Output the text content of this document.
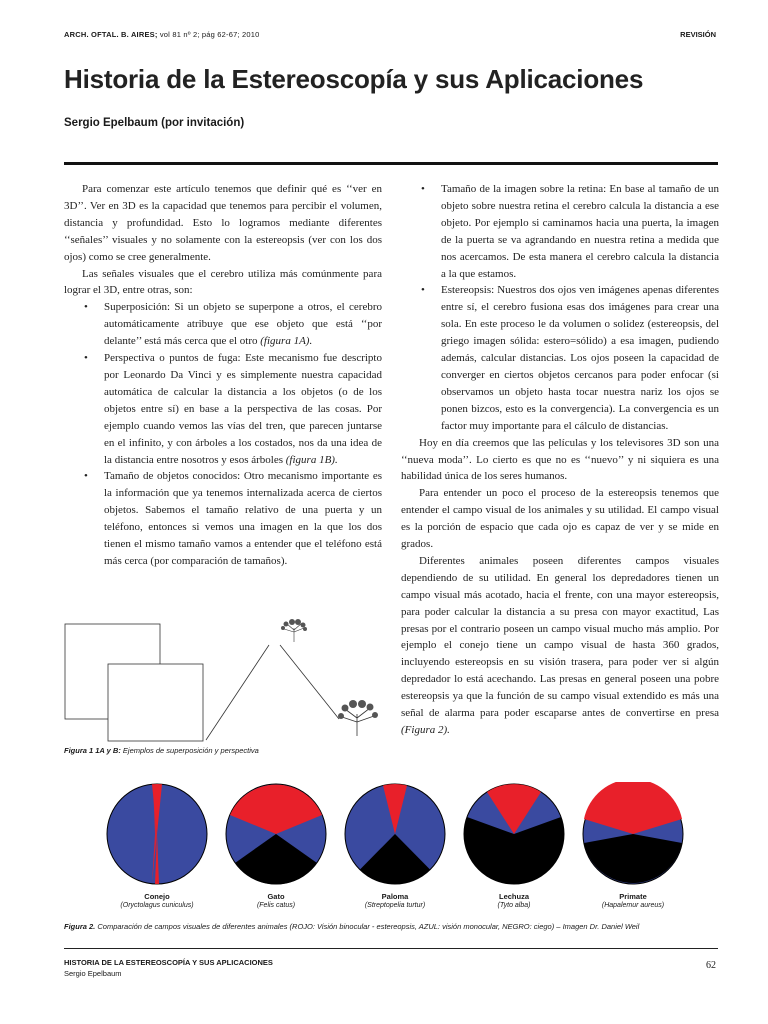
ARCH. OFTAL. B. AIRES; vol 81 nº 2; pág 62-67; 2010	REVISIÓN
Historia de la Estereoscopía y sus Aplicaciones
Sergio Epelbaum (por invitación)

Para comenzar este artículo tenemos que definir qué es ‘‘ver en 3D’’. Ver en 3D es la capacidad que tenemos para percibir el volumen, distancia y profundidad. Esto lo logramos mediante diferentes ‘‘señales’’ visuales y no solamente con la estereopsis (ver con los dos ojos) como se cree generalmente.

Las señales visuales que el cerebro utiliza más comúnmente para lograr el 3D, entre otras, son:

• Superposición: Si un objeto se superpone a otros, el cerebro automáticamente atribuye que ese objeto que está ‘‘por delante’’ está más cerca que el otro (figura 1A).
• Perspectiva o puntos de fuga: Este mecanismo fue descripto por Leonardo Da Vinci y es simplemente nuestra capacidad automática de calcular la distancia a los objetos (o de los objetos entre sí) en base a la perspectiva de las cosas. Por ejemplo cuando vemos las vías del tren, que parecen juntarse en el infinito, y con árboles a los costados, nos da una idea de la distancia entre nosotros y esos árboles (figura 1B).
• Tamaño de objetos conocidos: Otro mecanismo importante es la información que ya tenemos internalizada acerca de ciertos objetos. Sabemos el tamaño relativo de una puerta y un teléfono, entonces si vemos una imagen en la que los dos tienen el mismo tamaño vamos a entender que el teléfono está más cerca (por comparación de tamaños).
• Tamaño de la imagen sobre la retina: En base al tamaño de un objeto sobre nuestra retina el cerebro calcula la distancia a ese objeto. Por ejemplo si caminamos hacia una puerta, la imagen de la puerta se va agrandando en nuestra retina a medida que nos acercamos. De esta manera el cerebro calcula la distancia a la que estamos.
• Estereopsis: Nuestros dos ojos ven imágenes apenas diferentes entre sí, el cerebro fusiona esas dos imágenes para crear una sola. En este proceso le da volumen o solidez (estereopsis, del griego imagen sólida: estero=sólido) a esa imagen, pudiendo además, calcular distancias. Los ojos poseen la capacidad de converger en ciertos objetos cercanos para poder enfocar (si observamos un objeto hasta tocar nuestra nariz los ojos se ponen bizcos, esto es la convergencia). La convergencia es un factor muy importante para el cálculo de distancias.

Hoy en día creemos que las películas y los televisores 3D son una ‘‘nueva moda’’. Lo cierto es que no es ‘‘nuevo’’ y ni siquiera es una habilidad única de los seres humanos.

Para entender un poco el proceso de la estereopsis tenemos que entender el campo visual de los animales y su utilidad. El campo visual es la porción de espacio que cada ojo es capaz de ver y se mide en grados.

Diferentes animales poseen diferentes campos visuales dependiendo de su utilidad. En general los depredadores tienen un campo visual más acotado, hacia el frente, con una mayor estereopsis, para poder calcular la distancia a su presa con mayor exactitud, Las presas por el contrario poseen un campo visual mucho más amplio. Por ejemplo el conejo tiene un campo visual de hasta 360 grados, incluyendo estereopsis en su visión trasera, para poder ver si algún depredador lo está acechando. Las presas en general poseen una pobre estereopsis ya que la función de su campo visual extendido es más una señal de alarma para poder escaparse antes de convertirse en presa (Figura 2).

Figura 1 1A y B: Ejemplos de superposición y perspectiva
Conejo
(Oryctolagus cuniculus)
Gato
(Felis catus)
Paloma
(Streptopelia turtur)
Lechuza
(Tyto alba)
Primate
(Hapalemur aureus)
Figura 2. Comparación de campos visuales de diferentes animales (ROJO: Visión binocular - estereopsis, AZUL: visión monocular, NEGRO: ciego) – Imagen Dr. Daniel Weil
HISTORIA DE LA ESTEREOSCOPÍA Y SUS APLICACIONES
Sergio Epelbaum
62
